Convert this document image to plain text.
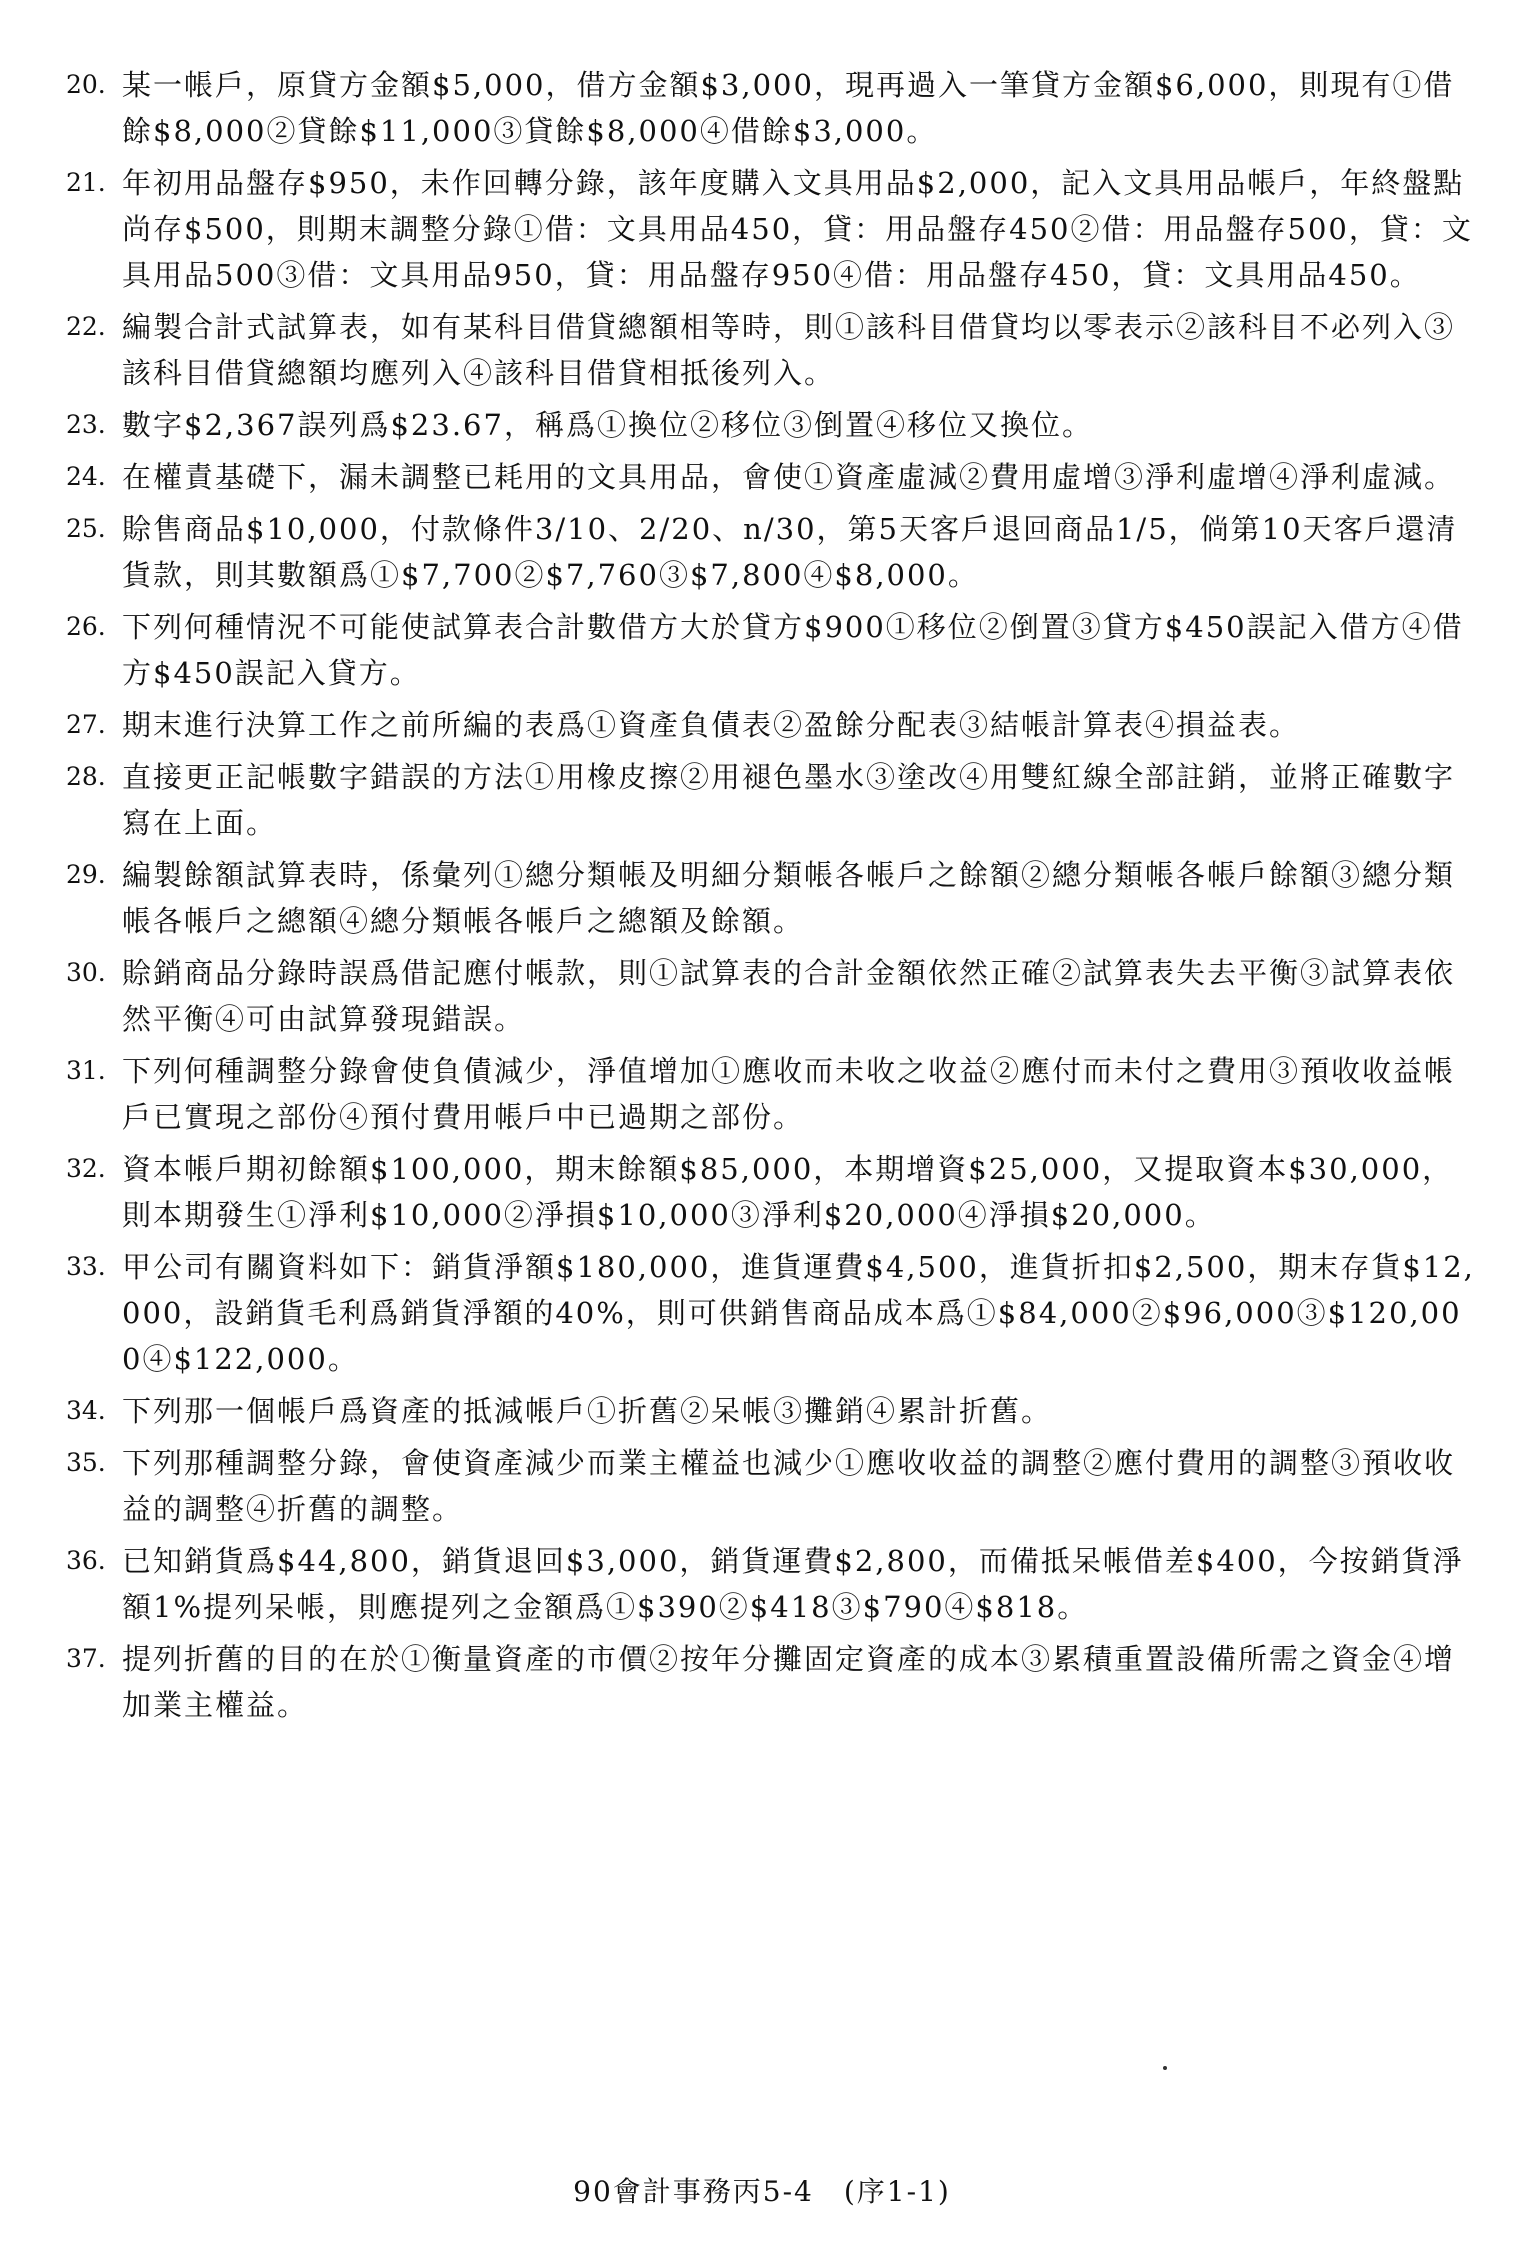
20. 某一帳戶，原貸方金額$5,000，借方金額$3,000，現再過入一筆貸方金額$6,000，則現有①借餘$8,000②貸餘$11,000③貸餘$8,000④借餘$3,000。
21. 年初用品盤存$950，未作回轉分錄，該年度購入文具用品$2,000，記入文具用品帳戶，年終盤點尚存$500，則期末調整分錄①借：文具用品450，貸：用品盤存450②借：用品盤存500，貸：文具用品500③借：文具用品950，貸：用品盤存950④借：用品盤存450，貸：文具用品450。
22. 編製合計式試算表，如有某科目借貸總額相等時，則①該科目借貸均以零表示②該科目不必列入③該科目借貸總額均應列入④該科目借貸相抵後列入。
23. 數字$2,367誤列爲$23.67，稱爲①換位②移位③倒置④移位又換位。
24. 在權責基礎下，漏未調整已耗用的文具用品，會使①資產虛減②費用虛增③淨利虛增④淨利虛減。
25. 賒售商品$10,000，付款條件3/10、2/20、n/30，第5天客戶退回商品1/5，倘第10天客戶還清貨款，則其數額爲①$7,700②$7,760③$7,800④$8,000。
26. 下列何種情況不可能使試算表合計數借方大於貸方$900①移位②倒置③貸方$450誤記入借方④借方$450誤記入貸方。
27. 期末進行決算工作之前所編的表爲①資產負債表②盈餘分配表③結帳計算表④損益表。
28. 直接更正記帳數字錯誤的方法①用橡皮擦②用褪色墨水③塗改④用雙紅線全部註銷，並將正確數字寫在上面。
29. 編製餘額試算表時，係彙列①總分類帳及明細分類帳各帳戶之餘額②總分類帳各帳戶餘額③總分類帳各帳戶之總額④總分類帳各帳戶之總額及餘額。
30. 賒銷商品分錄時誤爲借記應付帳款，則①試算表的合計金額依然正確②試算表失去平衡③試算表依然平衡④可由試算發現錯誤。
31. 下列何種調整分錄會使負債減少，淨值增加①應收而未收之收益②應付而未付之費用③預收收益帳戶已實現之部份④預付費用帳戶中已過期之部份。
32. 資本帳戶期初餘額$100,000，期末餘額$85,000，本期增資$25,000，又提取資本$30,000，則本期發生①淨利$10,000②淨損$10,000③淨利$20,000④淨損$20,000。
33. 甲公司有關資料如下：銷貨淨額$180,000，進貨運費$4,500，進貨折扣$2,500，期末存貨$12,000，設銷貨毛利爲銷貨淨額的40%，則可供銷售商品成本爲①$84,000②$96,000③$120,000④$122,000。
34. 下列那一個帳戶爲資產的抵減帳戶①折舊②呆帳③攤銷④累計折舊。
35. 下列那種調整分錄，會使資產減少而業主權益也減少①應收收益的調整②應付費用的調整③預收收益的調整④折舊的調整。
36. 已知銷貨爲$44,800，銷貨退回$3,000，銷貨運費$2,800，而備抵呆帳借差$400，今按銷貨淨額1%提列呆帳，則應提列之金額爲①$390②$418③$790④$818。
37. 提列折舊的目的在於①衡量資產的市價②按年分攤固定資產的成本③累積重置設備所需之資金④增加業主權益。
90會計事務丙5-4　(序1-1)
